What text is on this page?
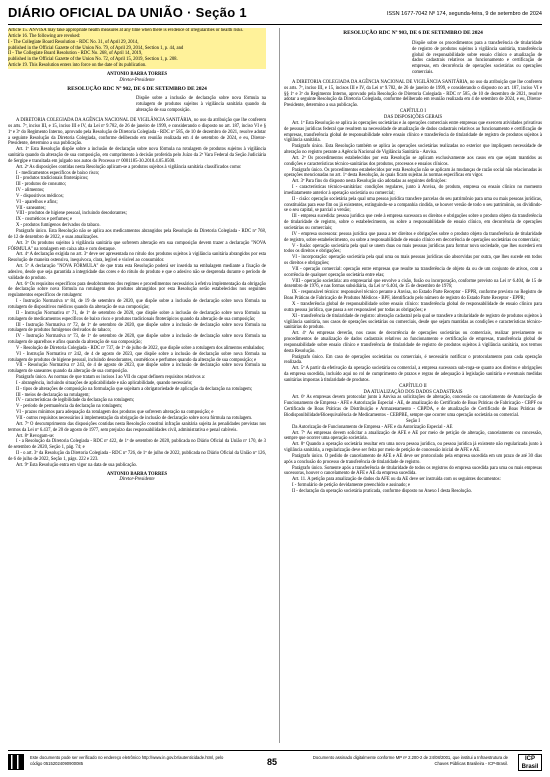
DIÁRIO OFICIAL DA UNIÃO · Seção 1	ISSN 1677-7042 Nº 174, segunda-feira, 9 de setembro de 2024

Article 15. ANVISA may take appropriate health measures at any time when there is evidence of irregularities or health risks.

Article 16. The following are revoked:

I - The Collegiate Board Resolution - RDC No. 31, of April 29, 2014,

published in the Official Gazette of the Union No. 79, of April 29, 2014, Section 1, p. 44, and

II - The Collegiate Board Resolution - RDC No. 268, of April 14, 2019,

published in the Official Gazette of the Union No. 72, of April 15, 2019, Section 1, p. 208.

Article 19. This Resolution enters into force on the date of its publication.

ANTONIO BARRA TORRES

Diretor-Presidente

RESOLUÇÃO RDC Nº 902, DE 6 DE SETEMBRO DE 2024

Dispõe sobre a inclusão de declaração sobre nova fórmula na rotulagem de produtos sujeitos à vigilância sanitária quando da alteração de sua composição.

A DIRETORIA COLEGIADA DA AGÊNCIA NACIONAL DE VIGILÂNCIA SANITÁRIA, no uso da atribuição que lhe conferem os arts. 7º, inciso III, e 15, inciso III e IV, da Lei nº 9.782, de 26 de janeiro de 1999, e considerando o disposto no art. 187, inciso VI e § 1º e 3º do Regimento Interno, aprovado pela Resolução de Diretoria Colegiada - RDC nº 585, de 10 de dezembro de 2021, resolve adotar a seguinte Resolução da Diretoria Colegiada, conforme deliberado em reunião realizada em 4 de setembro de 2024, e eu, Diretor-Presidente, determino a sua publicação.

Art. 1º Esta Resolução dispõe sobre a inclusão de declaração sobre nova fórmula na rotulagem de produtos sujeitos à vigilância sanitária quando da alteração de sua composição, em cumprimento à decisão proferida pelo Juízo da 2ª Vara Federal da Seção Judiciária de Sergipe e transitada em julgado nos autos do Processo nº 0001185-30.2018.4.05.8500.

Art. 2º As disposições contidas nesta Resolução aplicam-se a produtos sujeitos à vigilância sanitária classificados como:

I - medicamentos específicos de baixo risco;

II - produtos tradicionais fitoterápicos;

III - produtos de consumo;

IV - alimentos;

V - dispositivos médicos;

VI - aparelhos e afins;

VII - saneantes;

VIII - produtos de higiene pessoal, incluindo desodorantes;

IX - cosméticos e perfumes; e

X - produtos fumígenos derivados do tabaco.

Parágrafo único. Esta Resolução não se aplica aos medicamentos abrangidos pela Resolução da Diretoria Colegiada - RDC nº 768, de 12 de dezembro de 2022, e suas atualizações.

Art. 3º Os produtos sujeitos à vigilância sanitária que sofrerem alteração em sua composição devem trazer a declaração "NOVA FÓRMULA" na rotulagem em caixa alta e com destaque.

Art. 4º A declaração exigida no art. 3º deve ser apresentada no rótulo dos produtos sujeitos à vigilância sanitária abrangidos por esta Resolução de maneira ostensiva, inequívoca, clara, legível e visível ao consumidor.

Art. 5º A declaração "NOVA FÓRMULA" de que trata esta Resolução poderá ser inserida na embalagem mediante a fixação de adesivo, desde que seja garantida a integridade das cores e do rótulo do produto e que o adesivo não se desprenda durante o período de validade do produto.

Art. 6º Os requisitos específicos para desdobramento dos regimes e procedimentos necessários à efetiva implementação da obrigação de declaração sobre nova fórmula na rotulagem dos produtos abrangidos por esta Resolução serão estabelecidos nos seguintes regulamentos específicos de rotulagem:

I - Instrução Normativa nº 84, de 19 de setembro de 2020, que dispõe sobre a inclusão de declaração sobre nova fórmula na rotulagem de dispositivos médicos quando da alteração de sua composição;

II - Instrução Normativa nº 71, de 1º de setembro de 2020, que dispõe sobre a inclusão de declaração sobre nova fórmula na rotulagem de medicamentos específicos de baixo risco e produtos tradicionais fitoterápicos quando da alteração de sua composição;

III - Instrução Normativa nº 72, de 1º de setembro de 2020, que dispõe sobre a inclusão de declaração sobre nova fórmula na rotulagem de produtos fumígenos derivados do tabaco;

IV - Instrução Normativa nº 73, de 1º de setembro de 2020, que dispõe sobre a inclusão de declaração sobre nova fórmula na rotulagem de aparelhos e afins quando da alteração de sua composição;

V - Resolução de Diretoria Colegiada - RDC nº 737, de 1º de julho de 2022, que dispõe sobre a rotulagem dos alimentos embalados;

VI - Instrução Normativa nº 242, de 4 de agosto de 2023, que dispõe sobre a inclusão de declaração sobre nova fórmula na rotulagem de produtos de higiene pessoal, incluindo desodorantes, cosméticos e perfumes quando da alteração de sua composição; e

VII - Resolução Normativa nº 243, de 4 de agosto de 2023, que dispõe sobre a inclusão de declaração sobre nova fórmula na rotulagem de saneantes quando da alteração de sua composição.

Parágrafo único. As normas de que tratam os incisos I ao VII do caput definem requisitos relativos a:

I - abrangência, incluindo situações de aplicabilidade e não aplicabilidade, quando necessário;

II - tipos de alterações de composição na formulação que sujeitam a obrigatoriedade de aplicação da declaração na rotulagem;

III - meios de declaração na rotulagem;

IV - características de legibilidade da declaração na rotulagem;

V - período de permanência da declaração na rotulagem;

VI - prazos mínimos para adequação da rotulagem dos produtos que sofrerem alteração na composição; e

VII - outros requisitos necessários à implementação da obrigação de inclusão de declaração sobre nova fórmula na rotulagem.

Art. 7º O descumprimento das disposições contidas nesta Resolução constitui infração sanitária sujeita às penalidades previstas nos termos da Lei nº 6.437, de 20 de agosto de 1977, sem prejuízo das responsabilidades civil, administrativa e penal cabíveis.

Art. 8º Revogam-se:

I - a Resolução da Diretoria Colegiada - RDC nº 422, de 1º de setembro de 2020, publicada no Diário Oficial da União nº 170, de 3 de setembro de 2020, Seção 1, pág. 74; e

II - o art. 3º da Resolução da Diretoria Colegiada - RDC nº 726, de 1º de julho de 2022, publicada no Diário Oficial da União nº 126, de 6 de julho de 2022, Seção 1, págs. 222 e 223.

Art. 9º Esta Resolução entra em vigor na data de sua publicação.

ANTONIO BARRA TORRES

Diretor-Presidente

RESOLUÇÃO RDC Nº 903, DE 6 DE SETEMBRO DE 2024

Dispõe sobre os procedimentos para a transferência de titularidade de registro de produtos sujeitos à vigilância sanitária, transferência global de responsabilidade sobre ensaio clínico e atualização de dados cadastrais relativos ao funcionamento e certificação de empresas, em decorrência de operações societárias ou operações comerciais.

A DIRETORIA COLEGIADA DA AGÊNCIA NACIONAL DE VIGILÂNCIA SANITÁRIA, no uso da atribuição que lhe conferem os arts. 7º, inciso III, e 15, incisos III e IV, da Lei nº 9.782, de 26 de janeiro de 1999, e considerando o disposto no art. 187, inciso VI e §§ 1º e 3º do Regimento Interno, aprovado pela Resolução de Diretoria Colegiada - RDC nº 585, de 10 de dezembro de 2021, resolve adotar a seguinte Resolução da Diretoria Colegiada, conforme deliberado em reunião realizada em 4 de setembro de 2024, e eu, Diretor-Presidente, determino a sua publicação.

CAPÍTULO I

DAS DISPOSIÇÕES GERAIS

Art. 1º Esta Resolução se aplica às operações societárias e às operações comerciais entre empresas que exercem atividades privativas de pessoas jurídicas federal que resultem na necessidade de atualização de dados cadastrais relativos ao funcionamento e certificação de empresas, transferência global de responsabilidade sobre ensaio clínico e transferência de titularidade de registro de produtos sujeitos à vigilância sanitária.

Parágrafo único. Esta Resolução também se aplica às operações societárias realizadas no exterior que impliquem necessidade de alteração no registro perante a Agência Nacional de Vigilância Sanitária - Anvisa.

Art. 2º Os procedimentos estabelecidos por esta Resolução se aplicam exclusivamente aos casos em que sejam mantidos as condições e características técnico-sanitárias dos produtos, processos e ensaios clínicos.

Parágrafo único. Os procedimentos estabelecidos por esta Resolução não se aplicam às mudanças de razão social não relacionadas às operações mencionadas no art. 1º desta Resolução, às quais ficam sujeitas às normas específicas em vigor.

Art. 3º Para fins do disposto nesta Resolução são adotadas as seguintes definições:

I - características técnico-sanitárias: condições regulares, junto à Anvisa, do produto, empresa ou ensaio clínico no momento imediatamente anterior à operação societária ou comercial;

II - cisão: operação societária pela qual uma pessoa jurídica transfere parcelas do seu patrimônio para uma ou mais pessoas jurídicas, constituídas para esse fim ou já existentes, extinguindo-se a companhia cindida, se houver versão de todo o seu patrimônio, ou dividindo-se o seu capital, se parcial a versão;

III - empresa sucedida: pessoa jurídica que cede à empresa sucessora os direitos e obrigações sobre o produto objeto da transferência de titularidade de registro, sobre o estabelecimento, ou sobre a responsabilidade de ensaio clínico, em decorrência de operações societárias ou comerciais;

IV - empresa sucessora: pessoa jurídica que passa a ter direitos e obrigações sobre o produto objeto da transferência de titularidade de registro, sobre estabelecimento, ou sobre a responsabilidade de ensaio clínico em decorrência de operações societárias ou comerciais;

V - fusão: operação societária pela qual se unem duas ou mais pessoas jurídicas para formar nova sociedade, que lhes sucederá em todos os direitos e obrigações;

VI - incorporação: operação societária pela qual uma ou mais pessoas jurídicas são absorvidas por outra, que lhes sucede em todos os direitos e obrigações;

VII - operação comercial: operação entre empresas que resulte na transferência de objeto da ou de um conjunto de ativos, com a ocorrência de qualquer operação societária entre elas;

VIII - operação societária: ato empresarial que envolve a cisão, fusão ou incorporação, conforme previsto na Lei nº 6.404, de 15 de dezembro de 1976, e nas formas subsidiária, da Lei nº 6.404, de 15 de dezembro de 1976;

IX - responsável técnico: responsável técnico perante a Anvisa, no Estado Parte Receptor - EPPR, conforme previsto no Registro de Boas Práticas de Fabricação de Produtos Médicos - BPF, identificado pelo número de registro do Estado Parte Receptor - EPPR;

X - transferência global de responsabilidade sobre ensaio clínico: transferência global de responsabilidade de ensaio clínico para outra pessoa jurídica, que passa a ser responsável por todas as obrigações; e

XI - transferência de titularidade de registro: alteração cadastral pela qual se transfere a titularidade de registro de produtos sujeitos à vigilância sanitária, nos casos de operações societárias ou comerciais, desde que sejam mantidas as condições e características técnico-sanitárias do produto.

Art. 4º As empresas deverão, nos casos de decorrência de operações societárias ou comerciais, realizar previamente os procedimentos de atualização de dados cadastrais relativos ao funcionamento e certificação de empresas, transferência global de responsabilidade sobre ensaio clínico e transferência de titularidade de registro de produtos sujeitos à vigilância sanitária, nos termos desta Resolução.

Parágrafo único. Em caso de operações societárias ou comerciais, é necessário notificar o protocolamento para cada operação realizada.

Art. 5º A partir da efetivação da operação societária ou comercial, a empresa sucessora sub-roga-se quanto aos direitos e obrigações da empresa sucedida, incluído aqui no rol de cumprimento de prazos e regras de adequação à legislação sanitária e eventuais medidas sanitárias impostas à titularidade de produtos.

CAPÍTULO II

DA ATUALIZAÇÃO DOS DADOS CADASTRAIS

Art. 6º As empresas devem protocolar junto à Anvisa as solicitações de alteração, concessão ou cancelamento de Autorização de Funcionamento de Empresa - AFE e Autorização Especial - AE, de atualização do Certificado de Boas Práticas de Fabricação - CBPF ou Certificado de Boas Práticas de Distribuição e Armazenamento - CBPDA, e de atualização de Certificado de Boas Práticas de Biodisponibilidade/Bioequivalência de Medicamentos - CEBPBE, sempre que ocorrer uma operação societária ou comercial.

Seção I

Da Autorização de Funcionamento de Empresa - AFE e da Autorização Especial - AE

Art. 7º As empresas devem solicitar a atualização de AFE e AE por meio de petição de alteração, cancelamento ou concessão, sempre que ocorrer uma operação societária.

Art. 8º Quando a operação societária resultar em uma nova pessoa jurídica, ou pessoa jurídica já existente não regularizada junto à vigilância sanitária, a regularização deve ser feita por meio de petição de concessão inicial de AFE e AE.

Parágrafo único. O pedido de cancelamento de AFE e AE deve ser protocolado pela empresa sucedida em um prazo de até 30 dias após a conclusão do processo de transferência de titularidade de registro.

Parágrafo único. Somente após a transferência de titularidade de todos os registros do empresa sucedida para uma ou mais empresas sucessoras, houver o cancelamento de AFE e AE da empresa sucedida.

Art. 11. A petição para atualização de dados da AFE ou da AE deve ser instruída com os seguintes documentos:

I - formulário de petição devidamente preenchido e assinado; e

II - declaração da operação societária praticada, conforme disposto no Anexo I desta Resolução.

Este documento pode ser verificado no endereço eletrônico http://www.in.gov.br/autenticidade.html, pelo código 05152024090900085	85	Documento assinado digitalmente conforme MP nº 2.200-2 de 24/08/2001, que institui a Infraestrutura de Chaves Públicas Brasileira - ICP-Brasil.
ICP Brasil
